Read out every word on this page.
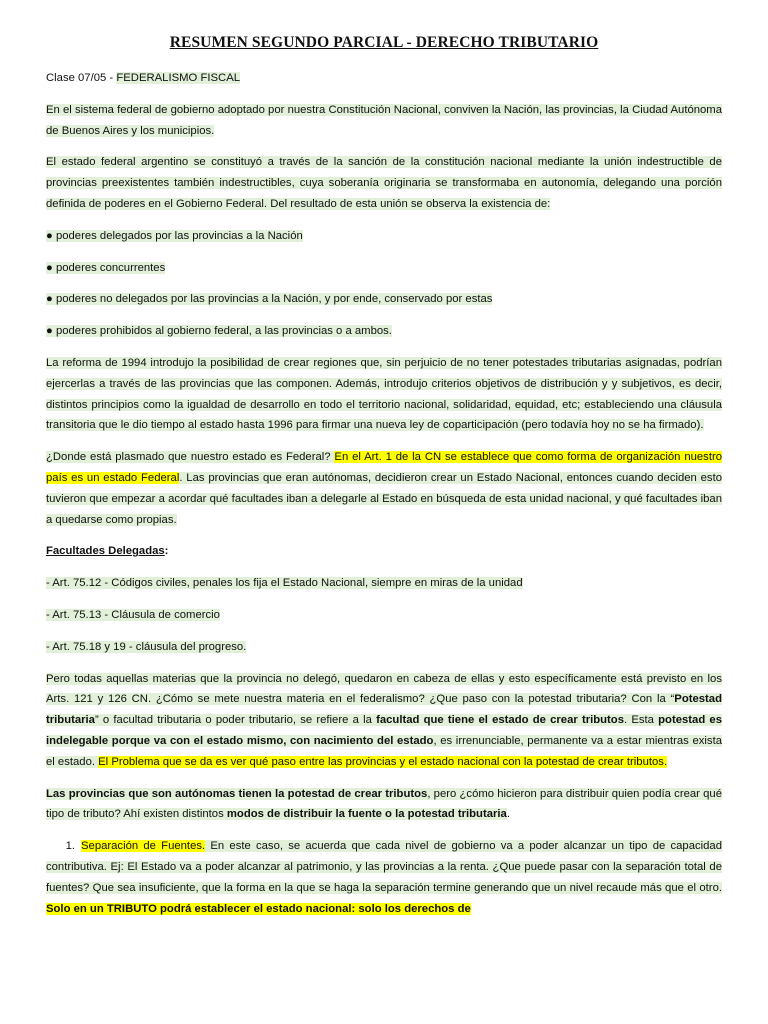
RESUMEN SEGUNDO PARCIAL - DERECHO TRIBUTARIO
Clase 07/05 - FEDERALISMO FISCAL
En el sistema federal de gobierno adoptado por nuestra Constitución Nacional, conviven la Nación, las provincias, la Ciudad Autónoma de Buenos Aires y los municipios.
El estado federal argentino se constituyó a través de la sanción de la constitución nacional mediante la unión indestructible de provincias preexistentes también indestructibles, cuya soberanía originaria se transformaba en autonomía, delegando una porción definida de poderes en el Gobierno Federal. Del resultado de esta unión se observa la existencia de:
● poderes delegados por las provincias a la Nación
● poderes concurrentes
● poderes no delegados por las provincias a la Nación, y por ende, conservado por estas
● poderes prohibidos al gobierno federal, a las provincias o a ambos.
La reforma de 1994 introdujo la posibilidad de crear regiones que, sin perjuicio de no tener potestades tributarias asignadas, podrían ejercerlas a través de las provincias que las componen. Además, introdujo criterios objetivos de distribución y y subjetivos, es decir, distintos principios como la igualdad de desarrollo en todo el territorio nacional, solidaridad, equidad, etc; estableciendo una cláusula transitoria que le dio tiempo al estado hasta 1996 para firmar una nueva ley de coparticipación (pero todavía hoy no se ha firmado).
¿Donde está plasmado que nuestro estado es Federal? En el Art. 1 de la CN se establece que como forma de organización nuestro país es un estado Federal. Las provincias que eran autónomas, decidieron crear un Estado Nacional, entonces cuando deciden esto tuvieron que empezar a acordar qué facultades iban a delegarle al Estado en búsqueda de esta unidad nacional, y qué facultades iban a quedarse como propias.
Facultades Delegadas:
- Art. 75.12 - Códigos civiles, penales los fija el Estado Nacional, siempre en miras de la unidad
- Art. 75.13 - Cláusula de comercio
- Art. 75.18 y 19 - cláusula del progreso.
Pero todas aquellas materias que la provincia no delegó, quedaron en cabeza de ellas y esto específicamente está previsto en los Arts. 121 y 126 CN. ¿Cómo se mete nuestra materia en el federalismo? ¿Que paso con la potestad tributaria? Con la “Potestad tributaria” o facultad tributaria o poder tributario, se refiere a la facultad que tiene el estado de crear tributos. Esta potestad es indelegable porque va con el estado mismo, con nacimiento del estado, es irrenunciable, permanente va a estar mientras exista el estado. El Problema que se da es ver qué paso entre las provincias y el estado nacional con la potestad de crear tributos.
Las provincias que son autónomas tienen la potestad de crear tributos, pero ¿cómo hicieron para distribuir quien podía crear qué tipo de tributo? Ahí existen distintos modos de distribuir la fuente o la potestad tributaria.
1. Separación de Fuentes. En este caso, se acuerda que cada nivel de gobierno va a poder alcanzar un tipo de capacidad contributiva. Ej: El Estado va a poder alcanzar al patrimonio, y las provincias a la renta. ¿Que puede pasar con la separación total de fuentes? Que sea insuficiente, que la forma en la que se haga la separación termine generando que un nivel recaude más que el otro. Solo en un TRIBUTO podrá establecer el estado nacional: solo los derechos de
